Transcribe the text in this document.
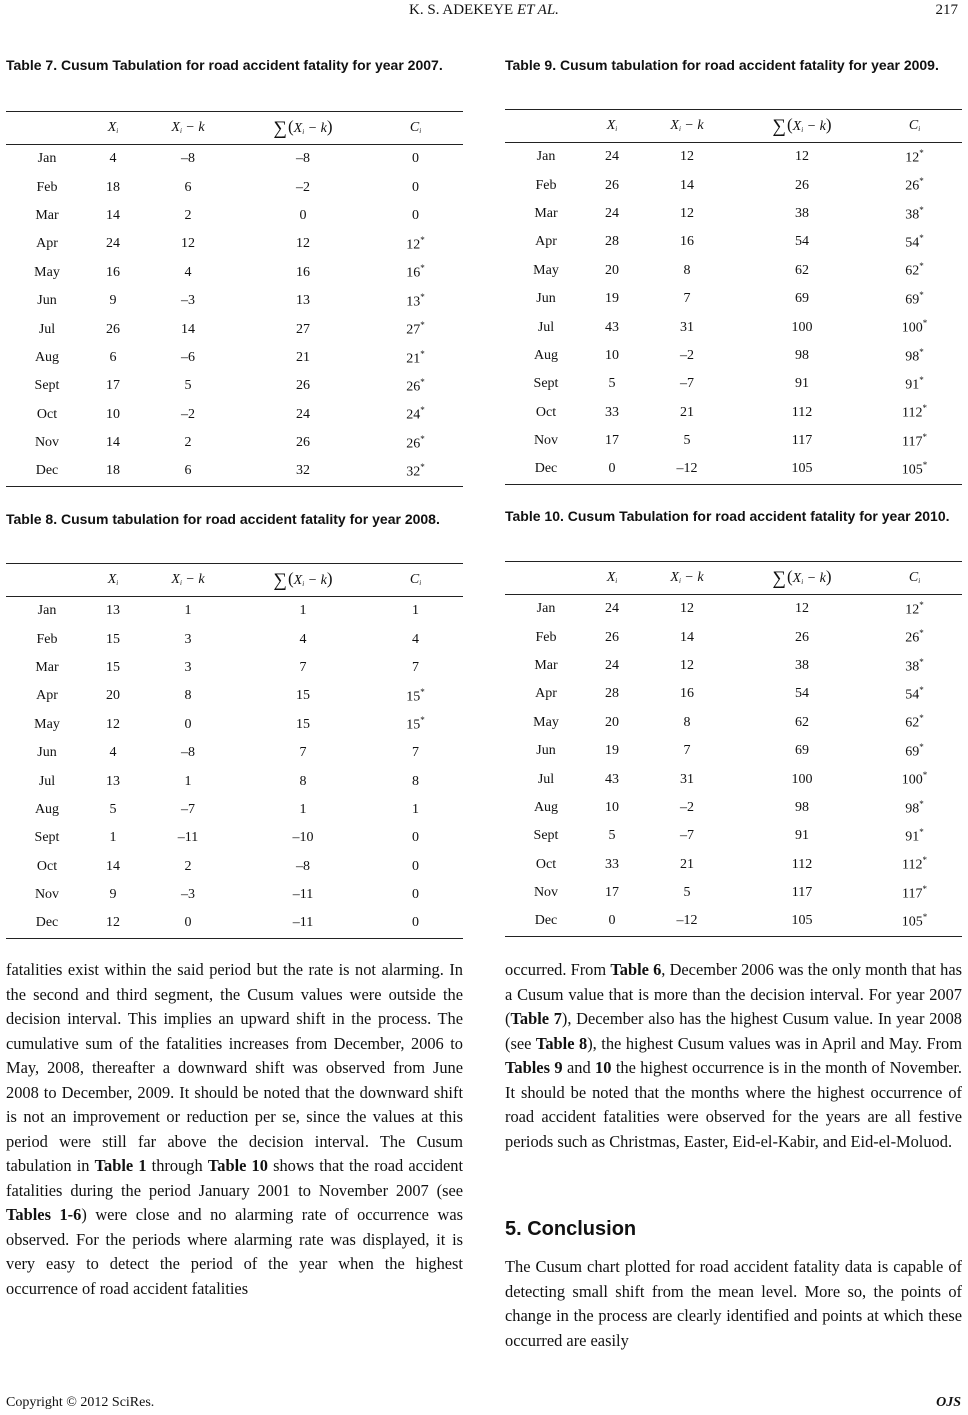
K. S. ADEKEYE ET AL.	217

Table 7. Cusum Tabulation for road accident fatality for year 2007.

	Xi	Xi − k	∑(Xi − k)	Ci
Jan	4	–8	–8	0
Feb	18	6	–2	0
Mar	14	2	0	0
Apr	24	12	12	12*
May	16	4	16	16*
Jun	9	–3	13	13*
Jul	26	14	27	27*
Aug	6	–6	21	21*
Sept	17	5	26	26*
Oct	10	–2	24	24*
Nov	14	2	26	26*
Dec	18	6	32	32*

Table 8. Cusum tabulation for road accident fatality for year 2008.

	Xi	Xi − k	∑(Xi − k)	Ci
Jan	13	1	1	1
Feb	15	3	4	4
Mar	15	3	7	7
Apr	20	8	15	15*
May	12	0	15	15*
Jun	4	–8	7	7
Jul	13	1	8	8
Aug	5	–7	1	1
Sept	1	–11	–10	0
Oct	14	2	–8	0
Nov	9	–3	–11	0
Dec	12	0	–11	0

Table 9. Cusum tabulation for road accident fatality for year 2009.

	Xi	Xi − k	∑(Xi − k)	Ci
Jan	24	12	12	12*
Feb	26	14	26	26*
Mar	24	12	38	38*
Apr	28	16	54	54*
May	20	8	62	62*
Jun	19	7	69	69*
Jul	43	31	100	100*
Aug	10	–2	98	98*
Sept	5	–7	91	91*
Oct	33	21	112	112*
Nov	17	5	117	117*
Dec	0	–12	105	105*

Table 10. Cusum Tabulation for road accident fatality for year 2010.

	Xi	Xi − k	∑(Xi − k)	Ci
Jan	24	12	12	12*
Feb	26	14	26	26*
Mar	24	12	38	38*
Apr	28	16	54	54*
May	20	8	62	62*
Jun	19	7	69	69*
Jul	43	31	100	100*
Aug	10	–2	98	98*
Sept	5	–7	91	91*
Oct	33	21	112	112*
Nov	17	5	117	117*
Dec	0	–12	105	105*

fatalities exist within the said period but the rate is not alarming. In the second and third segment, the Cusum values were outside the decision interval. This implies an upward shift in the process. The cumulative sum of the fatalities increases from December, 2006 to May, 2008, thereafter a downward shift was observed from June 2008 to December, 2009. It should be noted that the downward shift is not an improvement or reduction per se, since the values at this period were still far above the decision interval. The Cusum tabulation in Table 1 through Table 10 shows that the road accident fatalities during the period January 2001 to November 2007 (see Tables 1-6) were close and no alarming rate of occurrence was observed. For the periods where alarming rate was displayed, it is very easy to detect the period of the year when the highest occurrence of road accident fatalities

occurred. From Table 6, December 2006 was the only month that has a Cusum value that is more than the decision interval. For year 2007 (Table 7), December also has the highest Cusum value. In year 2008 (see Table 8), the highest Cusum values was in April and May. From Tables 9 and 10 the highest occurrence is in the month of November. It should be noted that the months where the highest occurrence of road accident fatalities were observed for the years are all festive periods such as Christmas, Easter, Eid-el-Kabir, and Eid-el-Moluod.

5. Conclusion

The Cusum chart plotted for road accident fatality data is capable of detecting small shift from the mean level. More so, the points of change in the process are clearly identified and points at which these occurred are easily

Copyright © 2012 SciRes.	OJS
